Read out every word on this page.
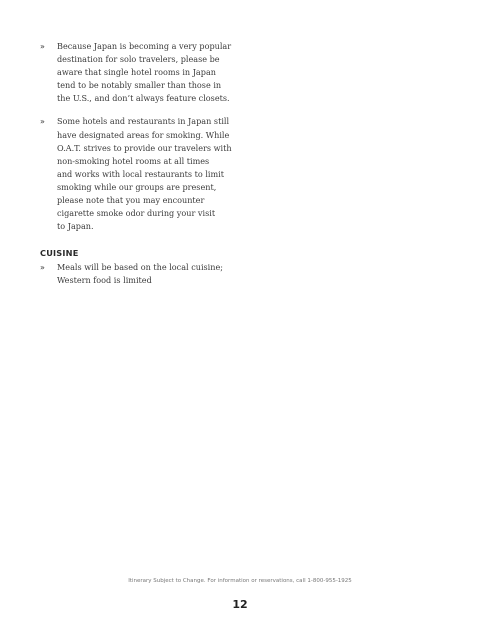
»	Because Japan is becoming a very popular
destination for solo travelers, please be
aware that single hotel rooms in Japan
tend to be notably smaller than those in
the U.S., and don’t always feature closets.
»	Some hotels and restaurants in Japan still
have designated areas for smoking. While
O.A.T. strives to provide our travelers with
non-smoking hotel rooms at all times
and works with local restaurants to limit
smoking while our groups are present,
please note that you may encounter
cigarette smoke odor during your visit
to Japan.
CUISINE
»	Meals will be based on the local cuisine;
Western food is limited
Itinerary Subject to Change. For information or reservations, call 1-800-955-1925
12
